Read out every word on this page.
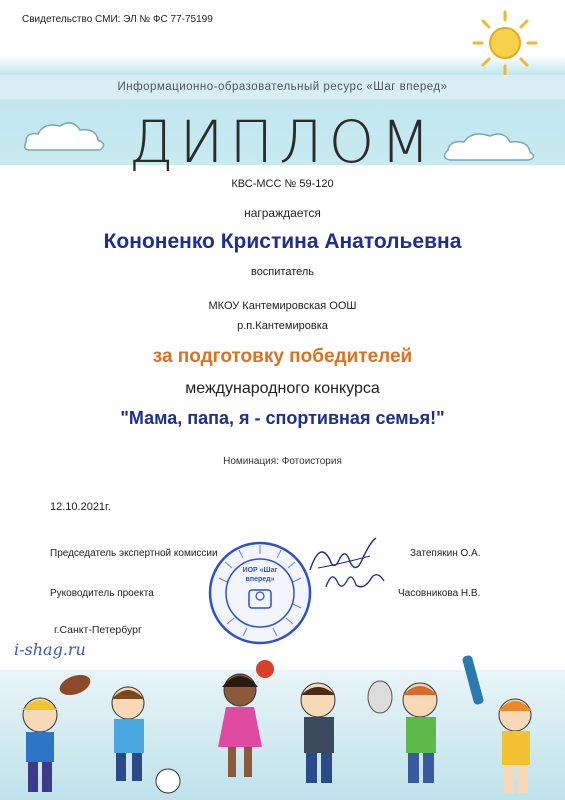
Свидетельство СМИ: ЭЛ № ФС 77-75199
Информационно-образовательный ресурс «Шаг вперед»
ДИПЛОМ
КВС-МСС № 59-120
награждается
Кононенко Кристина Анатольевна
воспитатель
МКОУ Кантемировская ООШ
р.п.Кантемировка
за подготовку победителей
международного конкурса
"Мама, папа, я - спортивная семья!"
Номинация: Фотоистория
12.10.2021г.
Председатель экспертной комиссии	Затепякин О.А.
Руководитель проекта	Часовникова Н.В.
ИОР «Шаг вперед»
г.Санкт-Петербург
i-shag.ru
